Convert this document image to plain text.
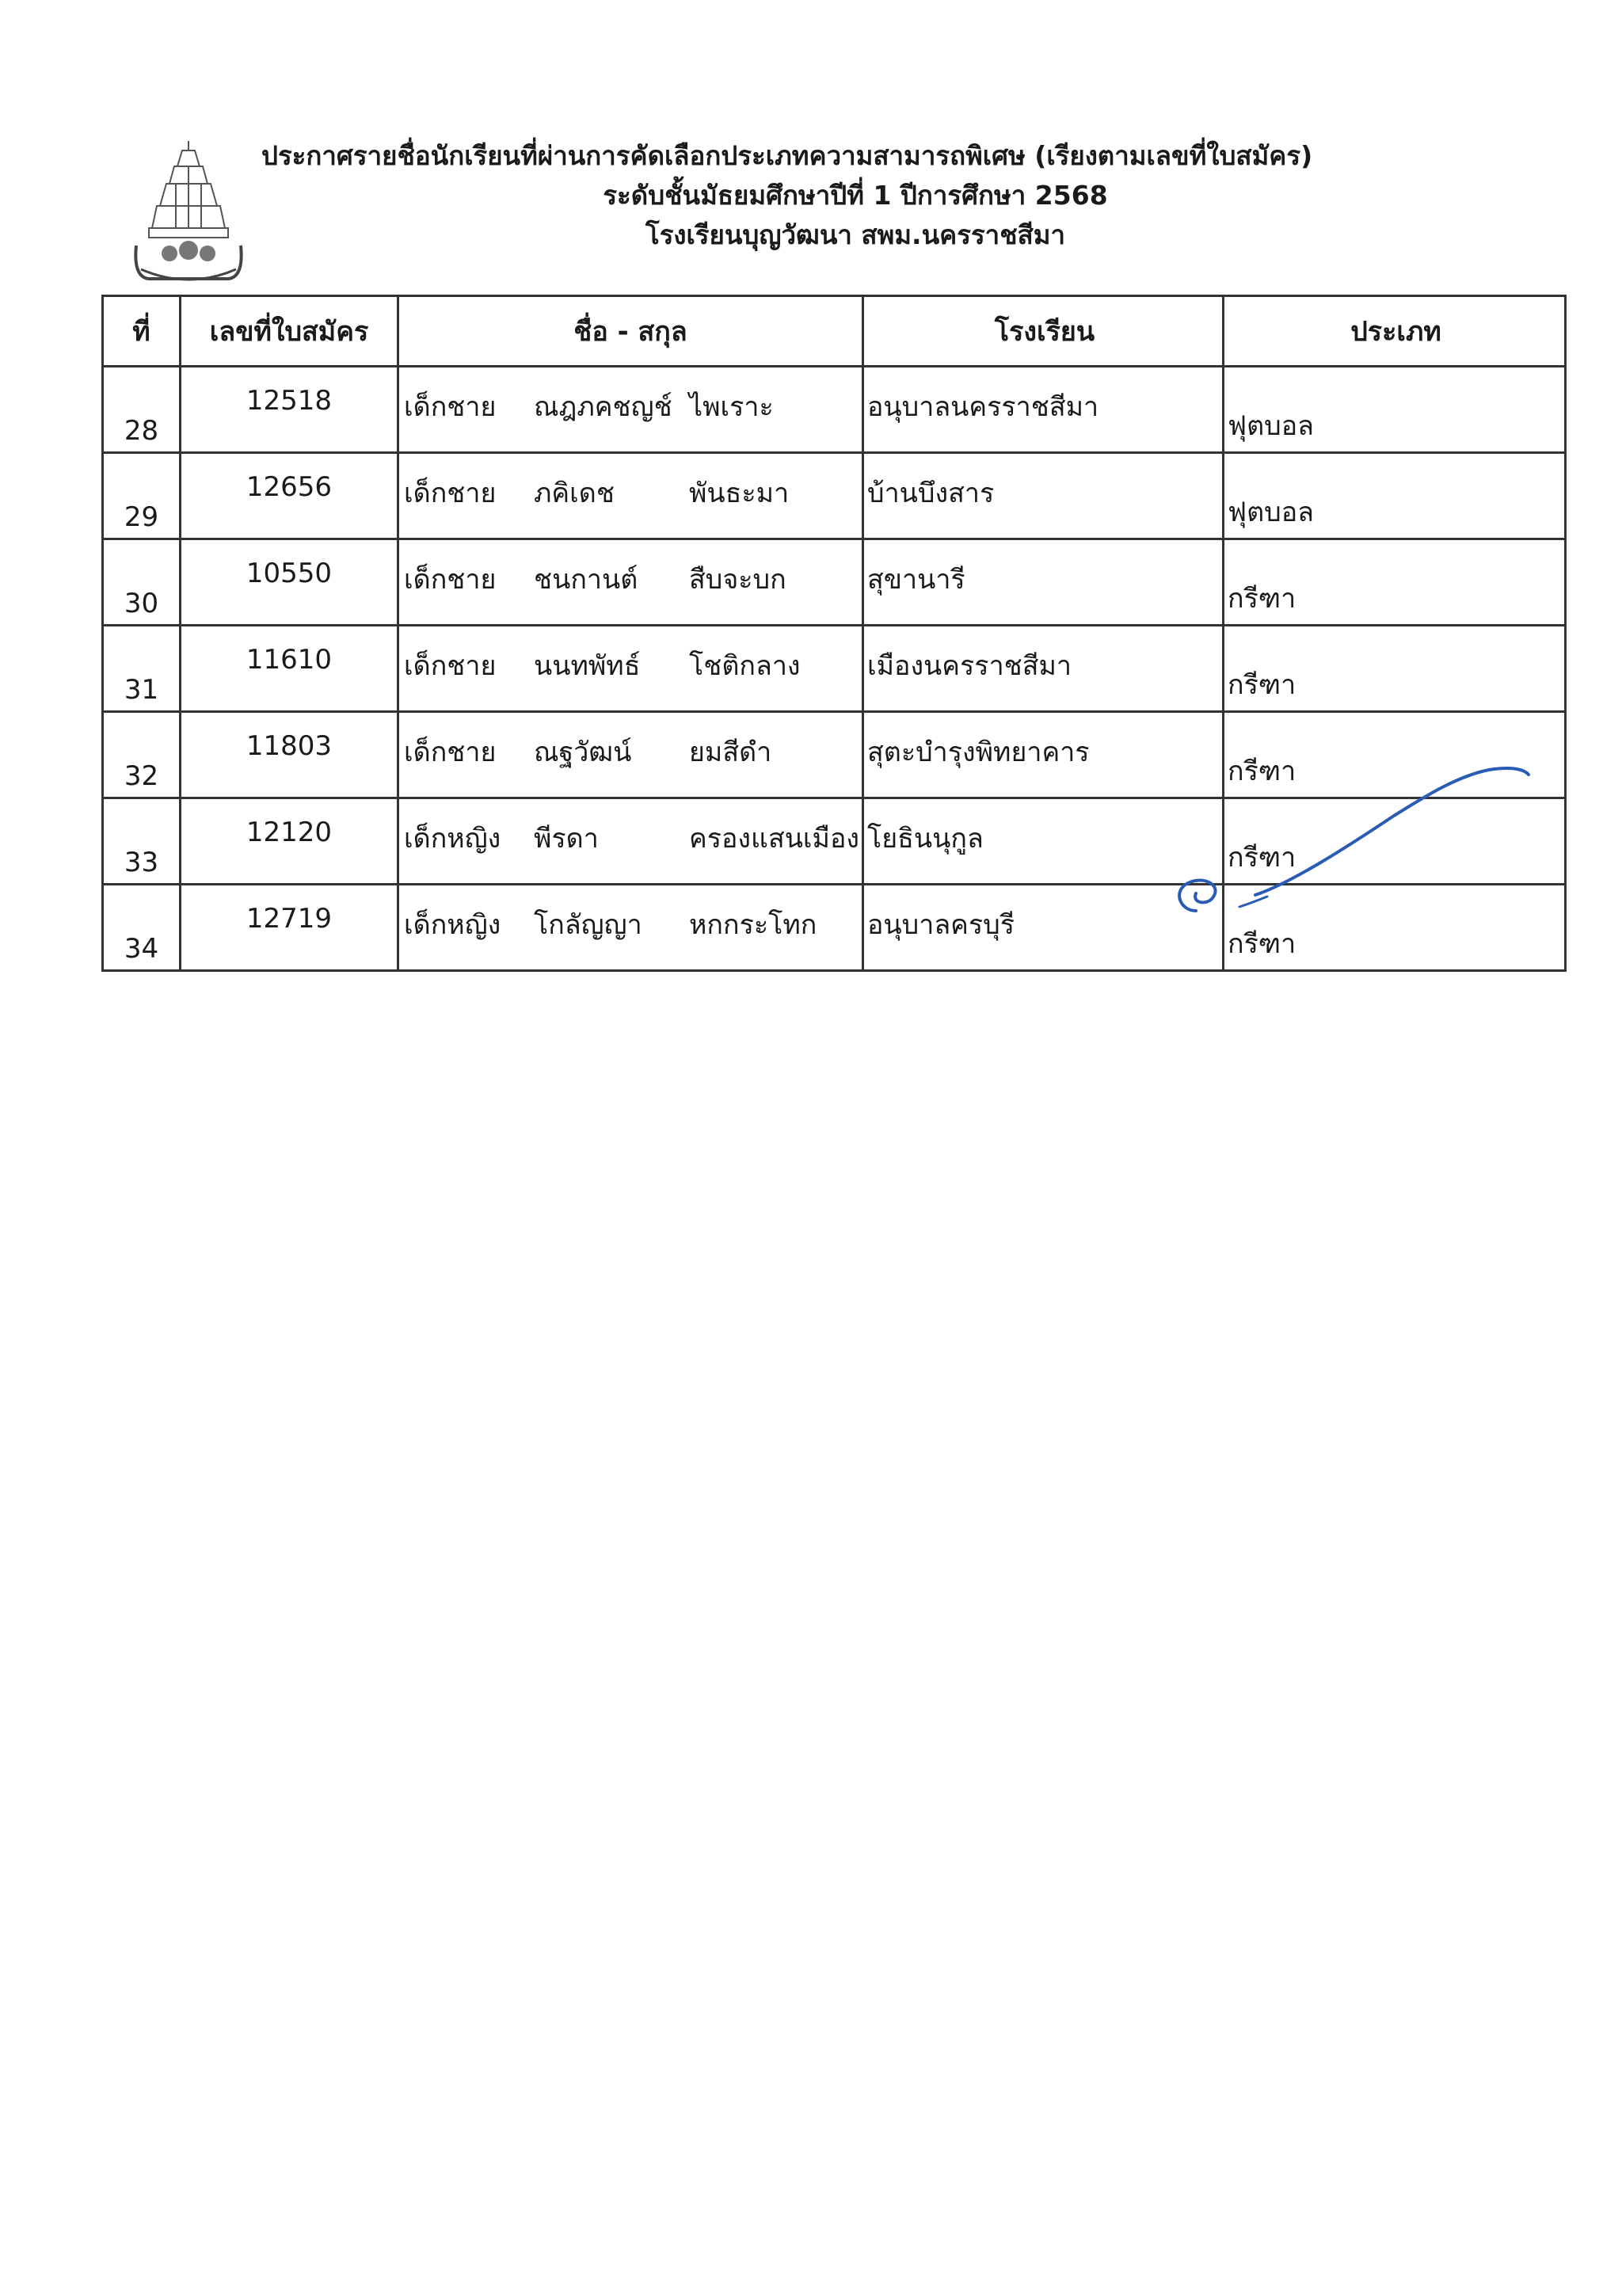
ประกาศรายชื่อนักเรียนที่ผ่านการคัดเลือกประเภทความสามารถพิเศษ (เรียงตามเลขที่ใบสมัคร)
ระดับชั้นมัธยมศึกษาปีที่ 1 ปีการศึกษา 2568
โรงเรียนบุญวัฒนา สพม.นครราชสีมา
ที่	เลขที่ใบสมัคร	ชื่อ - สกุล	โรงเรียน	ประเภท
28	12518	เด็กชาย ณฎภคชญช์ ไพเราะ	อนุบาลนครราชสีมา	ฟุตบอล
29	12656	เด็กชาย ภคิเดช พันธะมา	บ้านบึงสาร	ฟุตบอล
30	10550	เด็กชาย ชนกานต์ สืบจะบก	สุขานารี	กรีฑา
31	11610	เด็กชาย นนทพัทธ์ โชติกลาง	เมืองนครราชสีมา	กรีฑา
32	11803	เด็กชาย ณฐวัฒน์ ยมสีดำ	สุตะบำรุงพิทยาคาร	กรีฑา
33	12120	เด็กหญิง พีรดา ครองแสนเมือง	โยธินนุกูล	กรีฑา
34	12719	เด็กหญิง โกลัญญา หกกระโทก	อนุบาลครบุรี	กรีฑา
